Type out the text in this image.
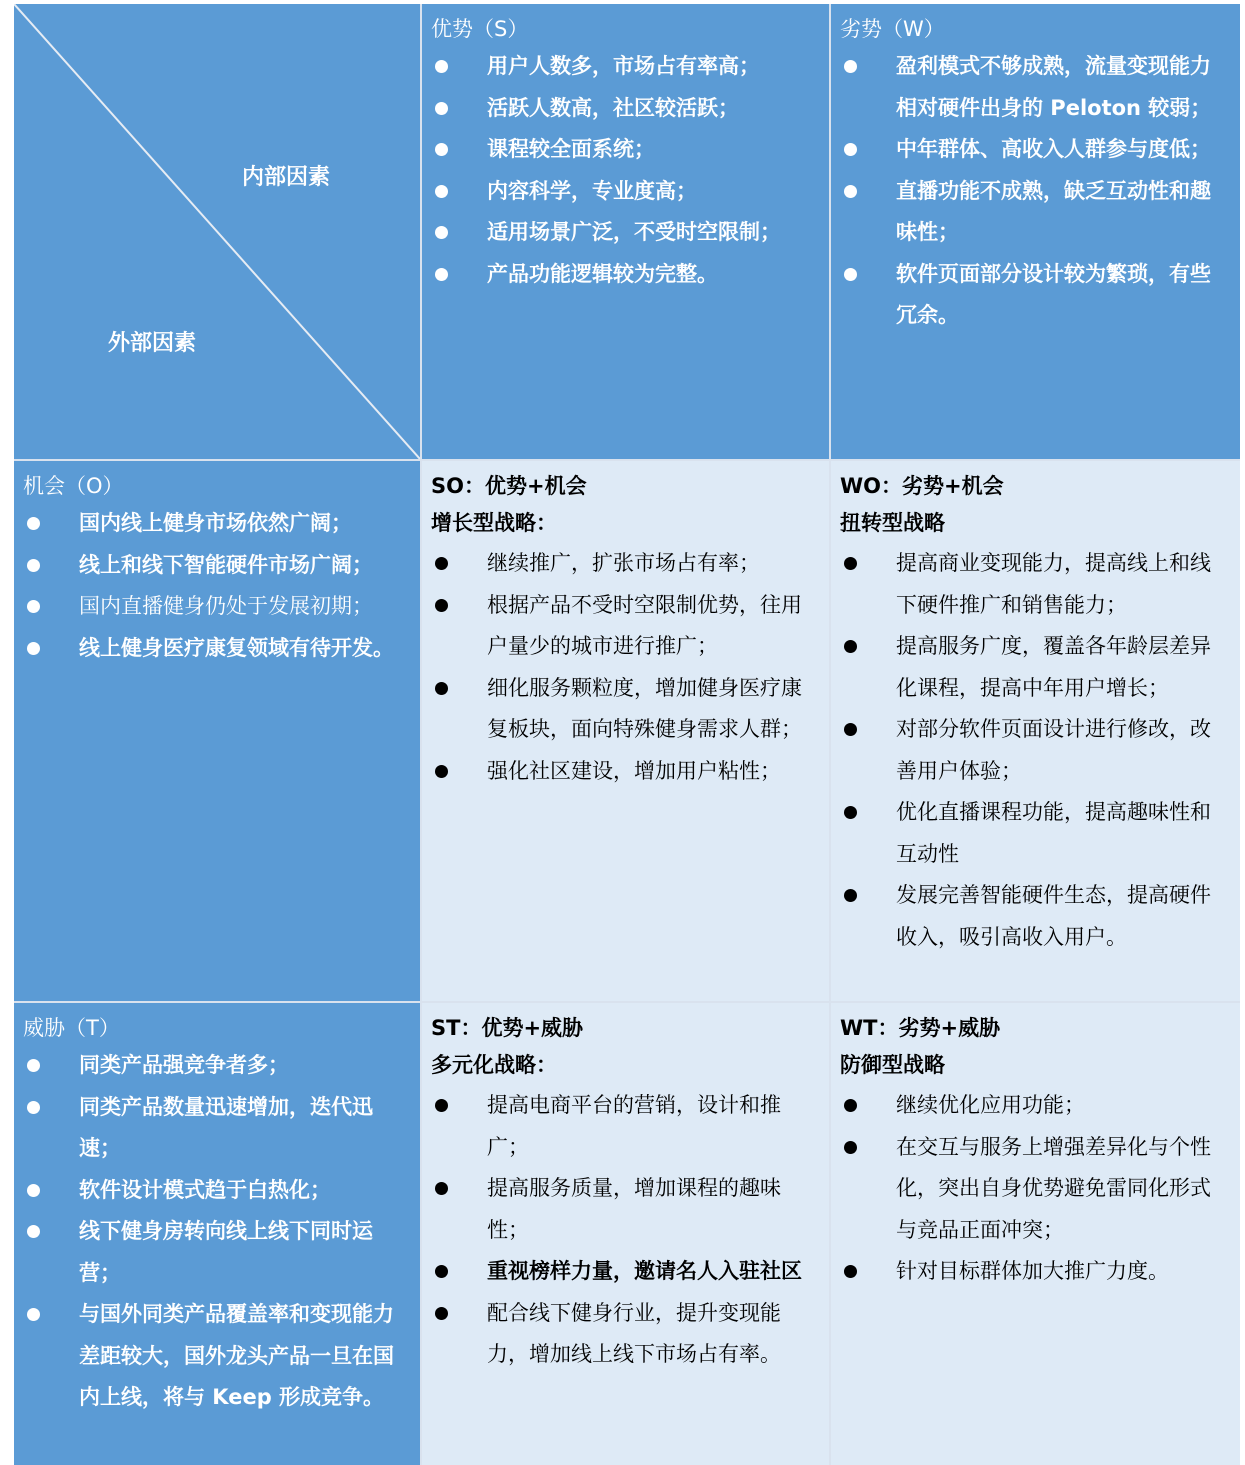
内部因素
外部因素
优势（S）
用户人数多，市场占有率高；
活跃人数高，社区较活跃；
课程较全面系统；
内容科学，专业度高；
适用场景广泛，不受时空限制；
产品功能逻辑较为完整。
劣势（W）
盈利模式不够成熟，流量变现能力相对硬件出身的 Peloton 较弱；
中年群体、高收入人群参与度低；
直播功能不成熟，缺乏互动性和趣味性；
软件页面部分设计较为繁琐，有些冗余。
机会（O）
国内线上健身市场依然广阔；
线上和线下智能硬件市场广阔；
国内直播健身仍处于发展初期；
线上健身医疗康复领域有待开发。
SO：优势+机会
增长型战略：
继续推广，扩张市场占有率；
根据产品不受时空限制优势，往用户量少的城市进行推广；
细化服务颗粒度，增加健身医疗康复板块，面向特殊健身需求人群；
强化社区建设，增加用户粘性；
WO：劣势+机会
扭转型战略
提高商业变现能力，提高线上和线下硬件推广和销售能力；
提高服务广度，覆盖各年龄层差异化课程，提高中年用户增长；
对部分软件页面设计进行修改，改善用户体验；
优化直播课程功能，提高趣味性和互动性
发展完善智能硬件生态，提高硬件收入，吸引高收入用户。
威胁（T）
同类产品强竞争者多；
同类产品数量迅速增加，迭代迅速；
软件设计模式趋于白热化；
线下健身房转向线上线下同时运营；
与国外同类产品覆盖率和变现能力差距较大，国外龙头产品一旦在国内上线，将与 Keep 形成竞争。
ST：优势+威胁
多元化战略：
提高电商平台的营销，设计和推广；
提高服务质量，增加课程的趣味性；
重视榜样力量，邀请名人入驻社区
配合线下健身行业，提升变现能力，增加线上线下市场占有率。
WT：劣势+威胁
防御型战略
继续优化应用功能；
在交互与服务上增强差异化与个性化，突出自身优势避免雷同化形式与竞品正面冲突；
针对目标群体加大推广力度。
